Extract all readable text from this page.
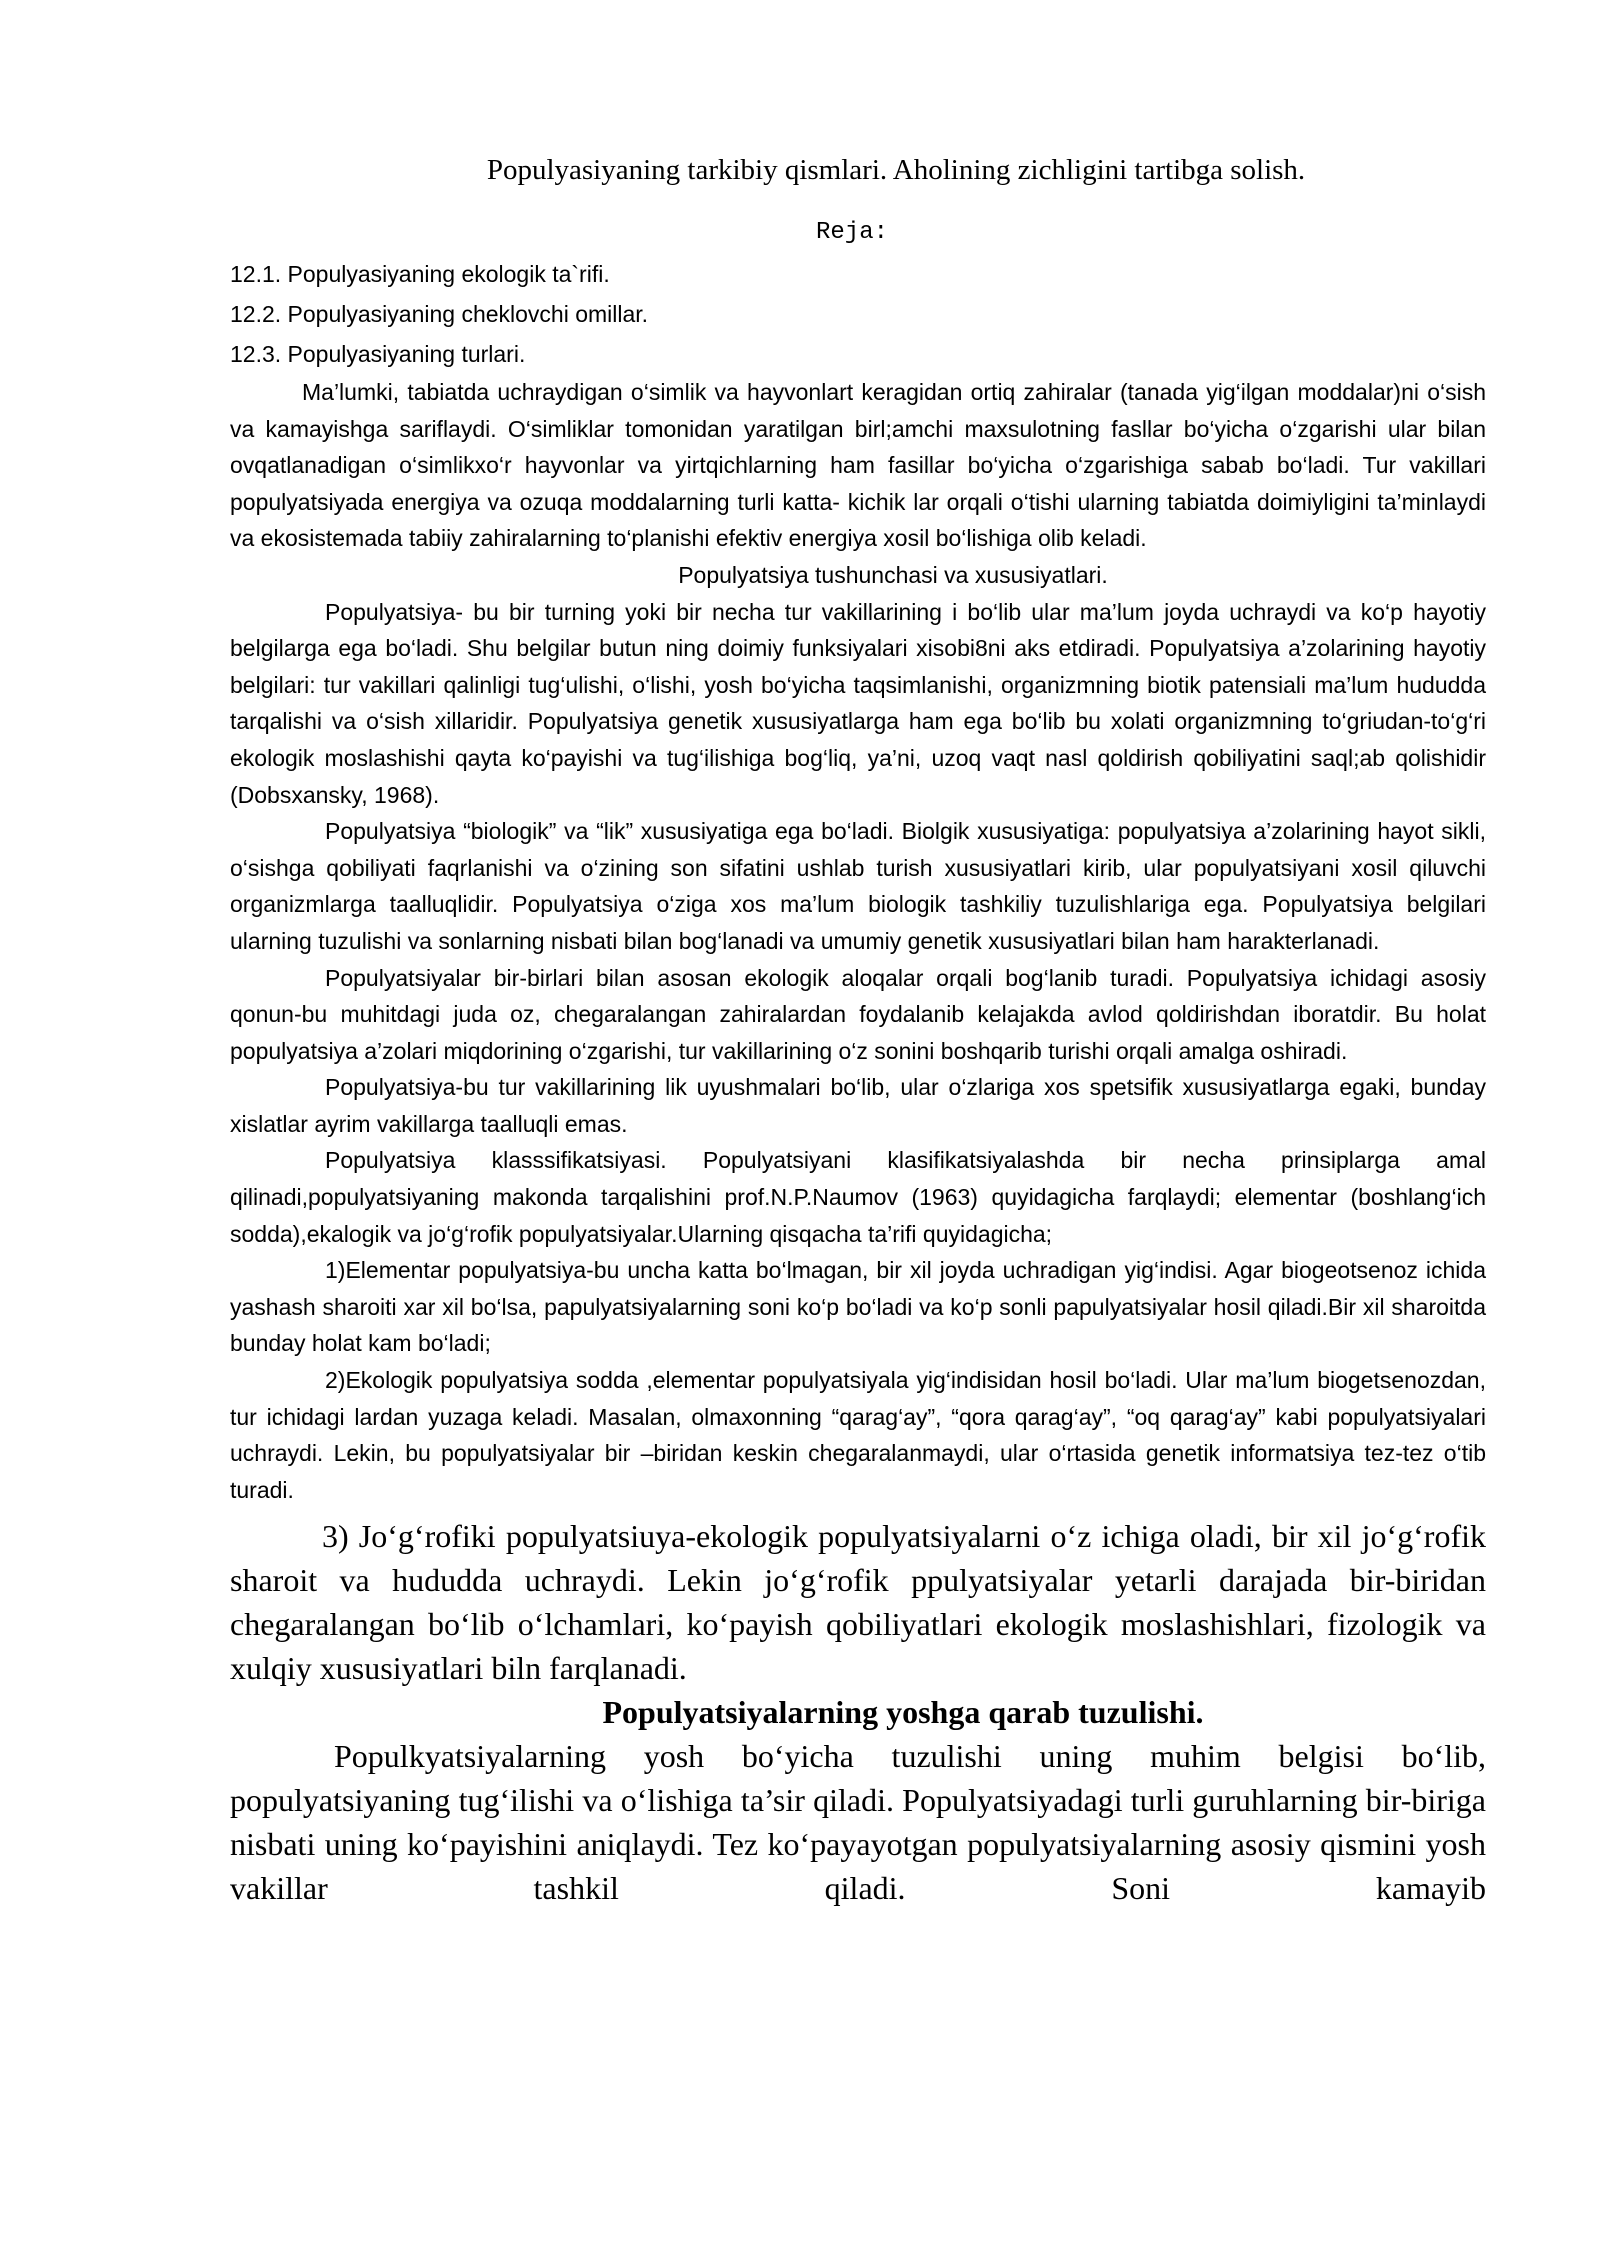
Populyasiyaning tarkibiy qismlari. Aholining zichligini tartibga solish.

Reja:

12.1. Populyasiyaning ekologik ta`rifi.

12.2. Populyasiyaning cheklovchi omillar.

12.3. Populyasiyaning turlari.

Ma’lumki, tabiatda uchraydigan o‘simlik va hayvonlart keragidan ortiq zahiralar (tanada yig‘ilgan moddalar)ni o‘sish va kamayishga sariflaydi. O‘simliklar tomonidan yaratilgan birl;amchi maxsulotning fasllar bo‘yicha o‘zgarishi ular bilan ovqatlanadigan o‘simlikxo‘r hayvonlar va yirtqichlarning ham fasillar bo‘yicha o‘zgarishiga sabab bo‘ladi. Tur vakillari populyatsiyada energiya va ozuqa moddalarning turli katta- kichik lar orqali o‘tishi ularning tabiatda doimiyligini ta’minlaydi va ekosistemada tabiiy zahiralarning to‘planishi efektiv energiya xosil bo‘lishiga olib keladi.

Populyatsiya tushunchasi va xususiyatlari.

Populyatsiya- bu bir turning yoki bir necha tur vakillarining i bo‘lib ular ma’lum joyda uchraydi va ko‘p hayotiy belgilarga ega bo‘ladi. Shu belgilar butun ning doimiy funksiyalari xisobi8ni aks etdiradi. Populyatsiya a’zolarining hayotiy belgilari: tur vakillari qalinligi tug‘ulishi, o‘lishi, yosh bo‘yicha taqsimlanishi, organizmning biotik patensiali ma’lum hududda tarqalishi va o‘sish xillaridir. Populyatsiya genetik xususiyatlarga ham ega bo‘lib bu xolati organizmning to‘griudan-to‘g‘ri ekologik moslashishi qayta ko‘payishi va tug‘ilishiga bog‘liq, ya’ni, uzoq vaqt nasl qoldirish qobiliyatini saql;ab qolishidir (Dobsxansky, 1968).

Populyatsiya “biologik” va “lik” xususiyatiga ega bo‘ladi. Biolgik xususiyatiga: populyatsiya a’zolarining hayot sikli, o‘sishga qobiliyati faqrlanishi va o‘zining son sifatini ushlab turish xususiyatlari kirib, ular populyatsiyani xosil qiluvchi organizmlarga taalluqlidir. Populyatsiya o‘ziga xos ma’lum biologik tashkiliy tuzulishlariga ega. Populyatsiya belgilari ularning tuzulishi va sonlarning nisbati bilan bog‘lanadi va umumiy genetik xususiyatlari bilan ham harakterlanadi.

Populyatsiyalar bir-birlari bilan asosan ekologik aloqalar orqali bog‘lanib turadi. Populyatsiya ichidagi asosiy qonun-bu muhitdagi juda oz, chegaralangan zahiralardan foydalanib kelajakda avlod qoldirishdan iboratdir. Bu holat populyatsiya a’zolari miqdorining o‘zgarishi, tur vakillarining o‘z sonini boshqarib turishi orqali amalga oshiradi.

Populyatsiya-bu tur vakillarining lik uyushmalari bo‘lib, ular o‘zlariga xos spetsifik xususiyatlarga egaki, bunday xislatlar ayrim vakillarga taalluqli emas.

Populyatsiya klasssifikatsiyasi. Populyatsiyani klasifikatsiyalashda bir necha prinsiplarga amal qilinadi,populyatsiyaning makonda tarqalishini prof.N.P.Naumov (1963) quyidagicha farqlaydi; elementar (boshlang‘ich sodda),ekalogik va jo‘g‘rofik populyatsiyalar.Ularning qisqacha ta’rifi quyidagicha;

1)Elementar populyatsiya-bu uncha katta bo‘lmagan, bir xil joyda uchradigan yig‘indisi. Agar biogeotsenoz ichida yashash sharoiti xar xil bo‘lsa, papulyatsiyalarning soni ko‘p bo‘ladi va ko‘p sonli papulyatsiyalar hosil qiladi.Bir xil sharoitda bunday holat kam bo‘ladi;

2)Ekologik populyatsiya sodda ,elementar populyatsiyala yig‘indisidan hosil bo‘ladi. Ular ma’lum biogetsenozdan, tur ichidagi lardan yuzaga keladi. Masalan, olmaxonning “qarag‘ay”, “qora qarag‘ay”, “oq qarag‘ay” kabi populyatsiyalari uchraydi. Lekin, bu populyatsiyalar bir –biridan keskin chegaralanmaydi, ular o‘rtasida genetik informatsiya tez-tez o‘tib turadi.

3) Jo‘g‘rofiki populyatsiuya-ekologik populyatsiyalarni o‘z ichiga oladi, bir xil jo‘g‘rofik sharoit va hududda uchraydi. Lekin jo‘g‘rofik ppulyatsiyalar yetarli darajada bir-biridan chegaralangan bo‘lib o‘lchamlari, ko‘payish qobiliyatlari ekologik moslashishlari, fizologik va xulqiy xususiyatlari biln farqlanadi.

Populyatsiyalarning yoshga qarab tuzulishi.

Populkyatsiyalarning yosh bo‘yicha tuzulishi uning muhim belgisi bo‘lib, populyatsiyaning tug‘ilishi va o‘lishiga ta’sir qiladi. Populyatsiyadagi turli guruhlarning bir-biriga nisbati uning ko‘payishini aniqlaydi. Tez ko‘payayotgan populyatsiyalarning asosiy qismini yosh vakillar tashkil qiladi. Soni kamayib
